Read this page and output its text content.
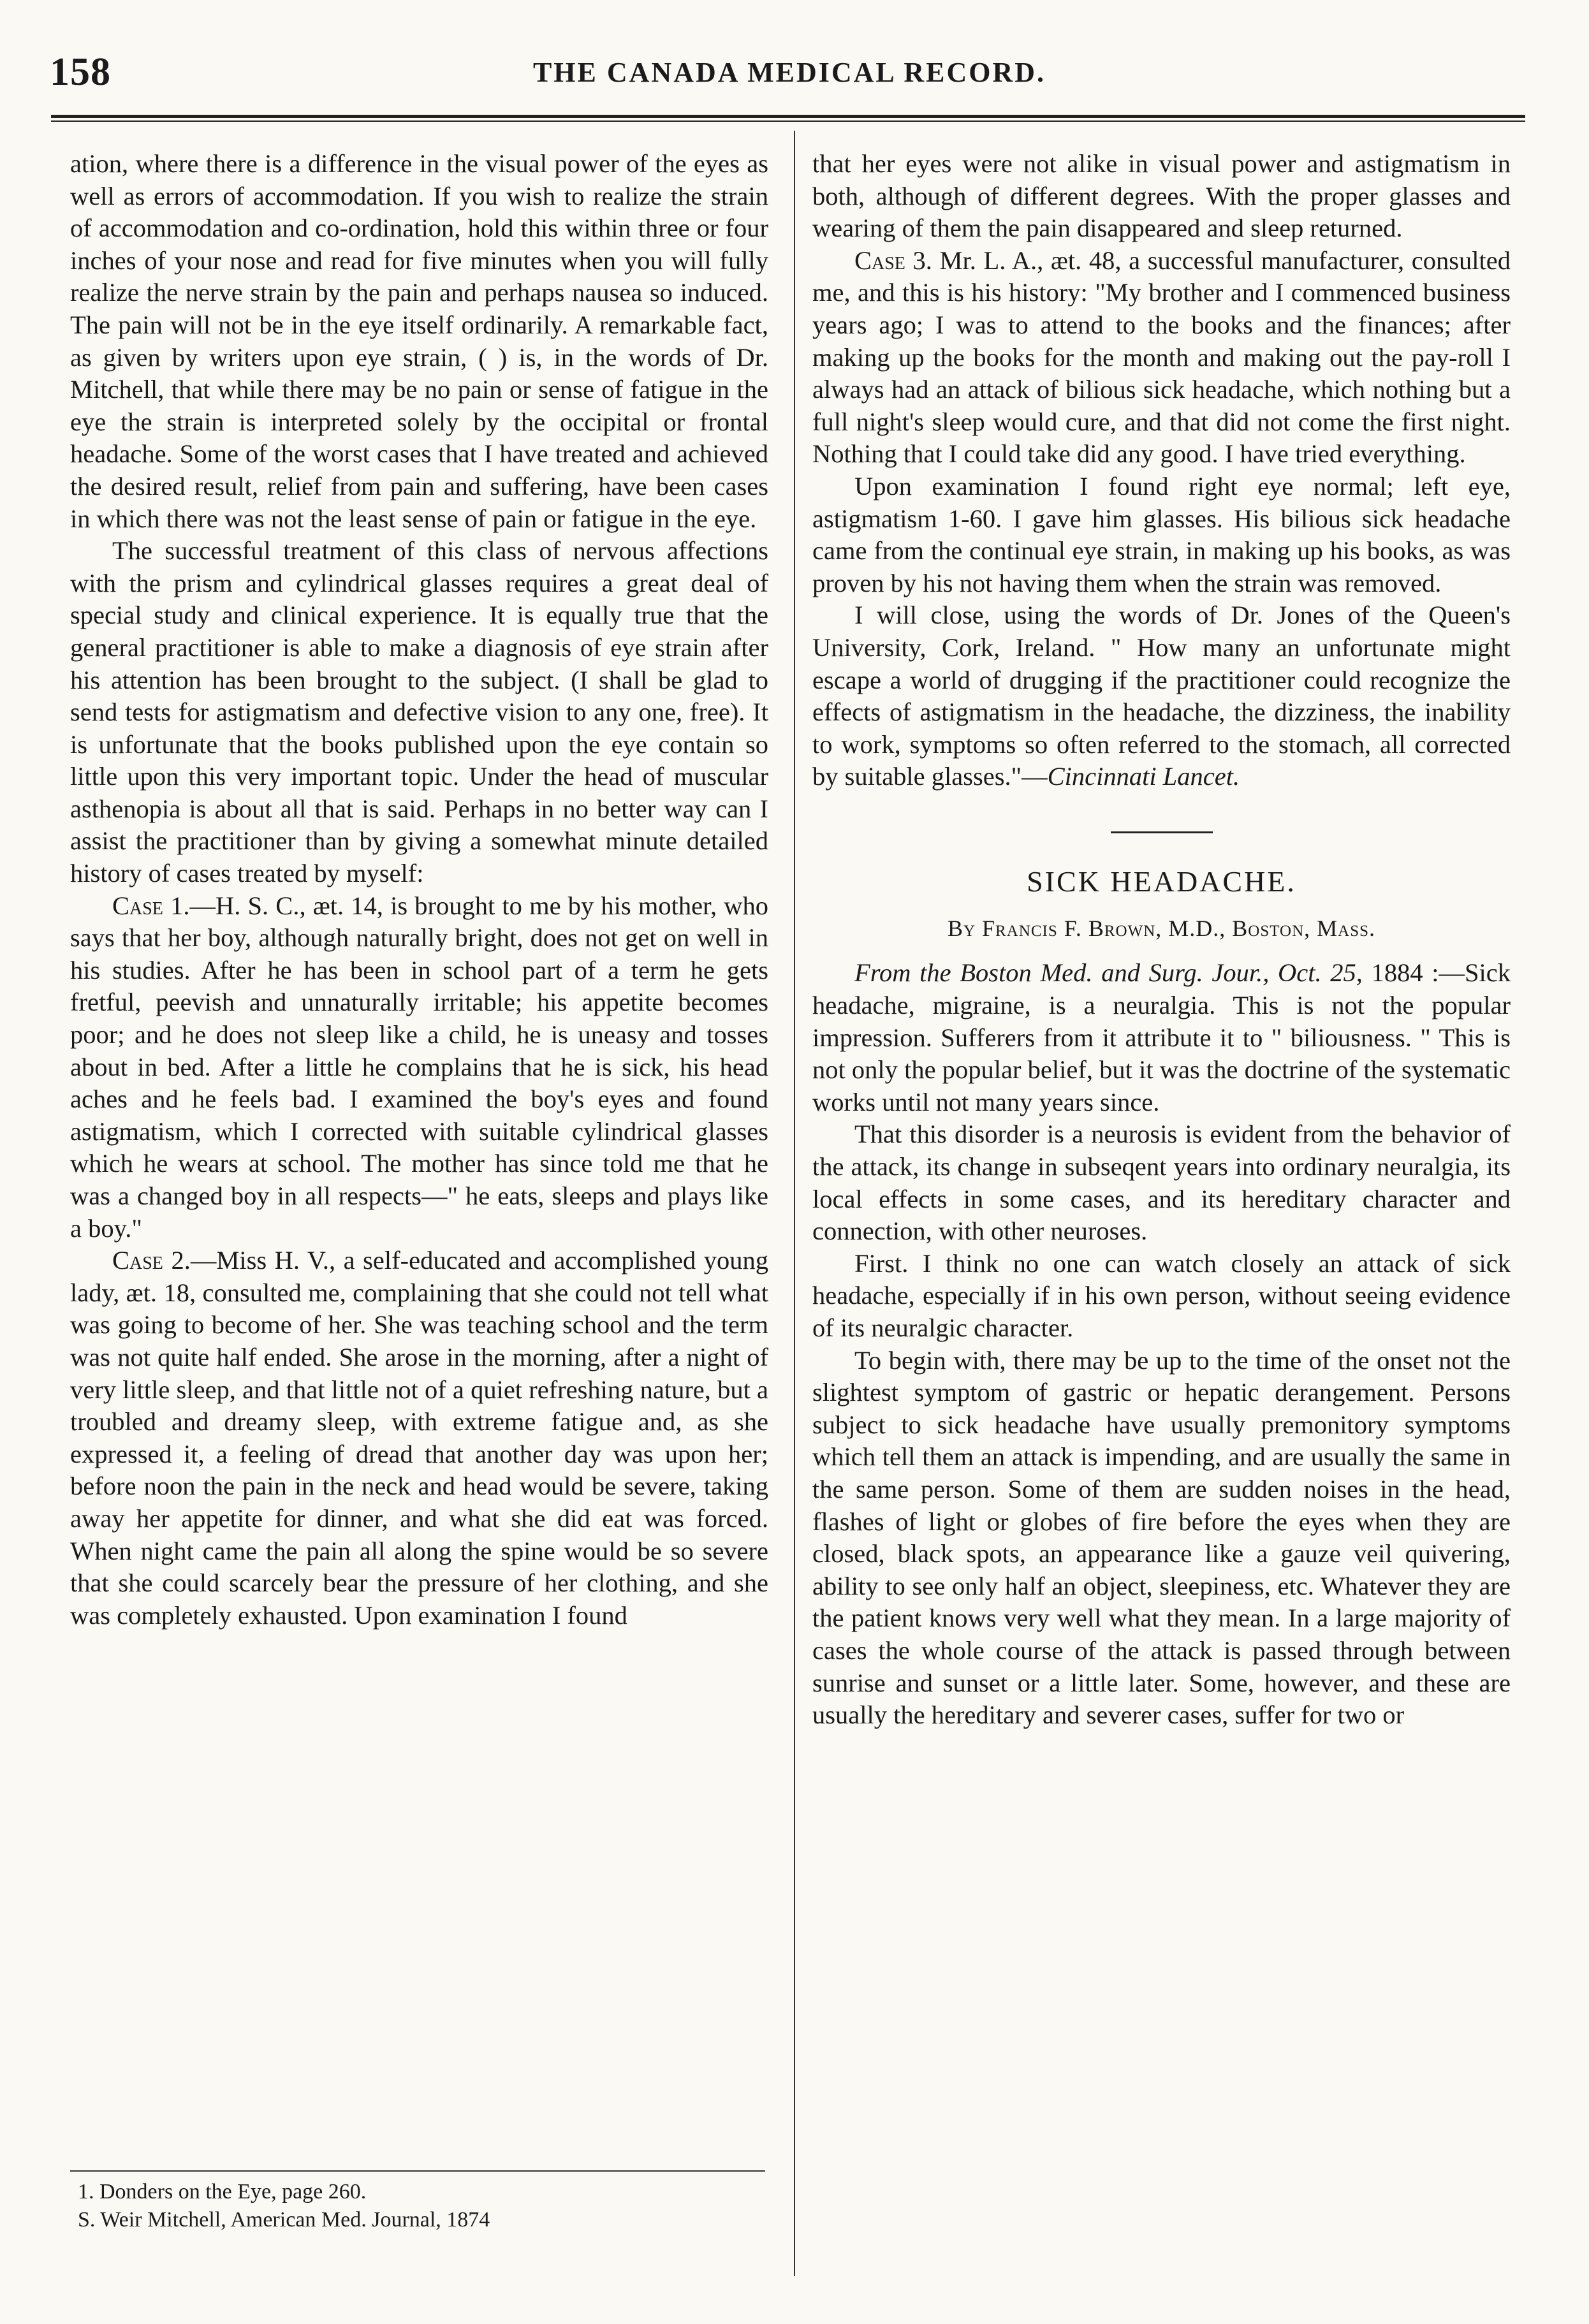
158	THE CANADA MEDICAL RECORD.

ation, where there is a difference in the visual power of the eyes as well as errors of accommodation. If you wish to realize the strain of accommodation and co-ordination, hold this within three or four inches of your nose and read for five minutes when you will fully realize the nerve strain by the pain and perhaps nausea so induced. The pain will not be in the eye itself ordinarily. A remarkable fact, as given by writers upon eye strain, ( ) is, in the words of Dr. Mitchell, that while there may be no pain or sense of fatigue in the eye the strain is interpreted solely by the occipital or frontal headache. Some of the worst cases that I have treated and achieved the desired result, relief from pain and suffering, have been cases in which there was not the least sense of pain or fatigue in the eye.

The successful treatment of this class of nervous affections with the prism and cylindrical glasses requires a great deal of special study and clinical experience. It is equally true that the general practitioner is able to make a diagnosis of eye strain after his attention has been brought to the subject. (I shall be glad to send tests for astigmatism and defective vision to any one, free). It is unfortunate that the books published upon the eye contain so little upon this very important topic. Under the head of muscular asthenopia is about all that is said. Perhaps in no better way can I assist the practitioner than by giving a somewhat minute detailed history of cases treated by myself:

Case 1.—H. S. C., æt. 14, is brought to me by his mother, who says that her boy, although naturally bright, does not get on well in his studies. After he has been in school part of a term he gets fretful, peevish and unnaturally irritable; his appetite becomes poor; and he does not sleep like a child, he is uneasy and tosses about in bed. After a little he complains that he is sick, his head aches and he feels bad. I examined the boy's eyes and found astigmatism, which I corrected with suitable cylindrical glasses which he wears at school. The mother has since told me that he was a changed boy in all respects—" he eats, sleeps and plays like a boy."

Case 2.—Miss H. V., a self-educated and accomplished young lady, æt. 18, consulted me, complaining that she could not tell what was going to become of her. She was teaching school and the term was not quite half ended. She arose in the morning, after a night of very little sleep, and that little not of a quiet refreshing nature, but a troubled and dreamy sleep, with extreme fatigue and, as she expressed it, a feeling of dread that another day was upon her; before noon the pain in the neck and head would be severe, taking away her appetite for dinner, and what she did eat was forced. When night came the pain all along the spine would be so severe that she could scarcely bear the pressure of her clothing, and she was completely exhausted. Upon examination I found

that her eyes were not alike in visual power and astigmatism in both, although of different degrees. With the proper glasses and wearing of them the pain disappeared and sleep returned.

Case 3. Mr. L. A., æt. 48, a successful manufacturer, consulted me, and this is his history: "My brother and I commenced business years ago; I was to attend to the books and the finances; after making up the books for the month and making out the pay-roll I always had an attack of bilious sick headache, which nothing but a full night's sleep would cure, and that did not come the first night. Nothing that I could take did any good. I have tried everything.

Upon examination I found right eye normal; left eye, astigmatism 1-60. I gave him glasses. His bilious sick headache came from the continual eye strain, in making up his books, as was proven by his not having them when the strain was removed.

I will close, using the words of Dr. Jones of the Queen's University, Cork, Ireland. " How many an unfortunate might escape a world of drugging if the practitioner could recognize the effects of astigmatism in the headache, the dizziness, the inability to work, symptoms so often referred to the stomach, all corrected by suitable glasses."—Cincinnati Lancet.

SICK HEADACHE.
By Francis F. Brown, M.D., Boston, Mass.

From the Boston Med. and Surg. Jour., Oct. 25, 1884 :—Sick headache, migraine, is a neuralgia. This is not the popular impression. Sufferers from it attribute it to " biliousness. " This is not only the popular belief, but it was the doctrine of the systematic works until not many years since.

That this disorder is a neurosis is evident from the behavior of the attack, its change in subseqent years into ordinary neuralgia, its local effects in some cases, and its hereditary character and connection, with other neuroses.

First. I think no one can watch closely an attack of sick headache, especially if in his own person, without seeing evidence of its neuralgic character.

To begin with, there may be up to the time of the onset not the slightest symptom of gastric or hepatic derangement. Persons subject to sick headache have usually premonitory symptoms which tell them an attack is impending, and are usually the same in the same person. Some of them are sudden noises in the head, flashes of light or globes of fire before the eyes when they are closed, black spots, an appearance like a gauze veil quivering, ability to see only half an object, sleepiness, etc. Whatever they are the patient knows very well what they mean. In a large majority of cases the whole course of the attack is passed through between sunrise and sunset or a little later. Some, however, and these are usually the hereditary and severer cases, suffer for two or

1. Donders on the Eye, page 260.
S. Weir Mitchell, American Med. Journal, 1874
